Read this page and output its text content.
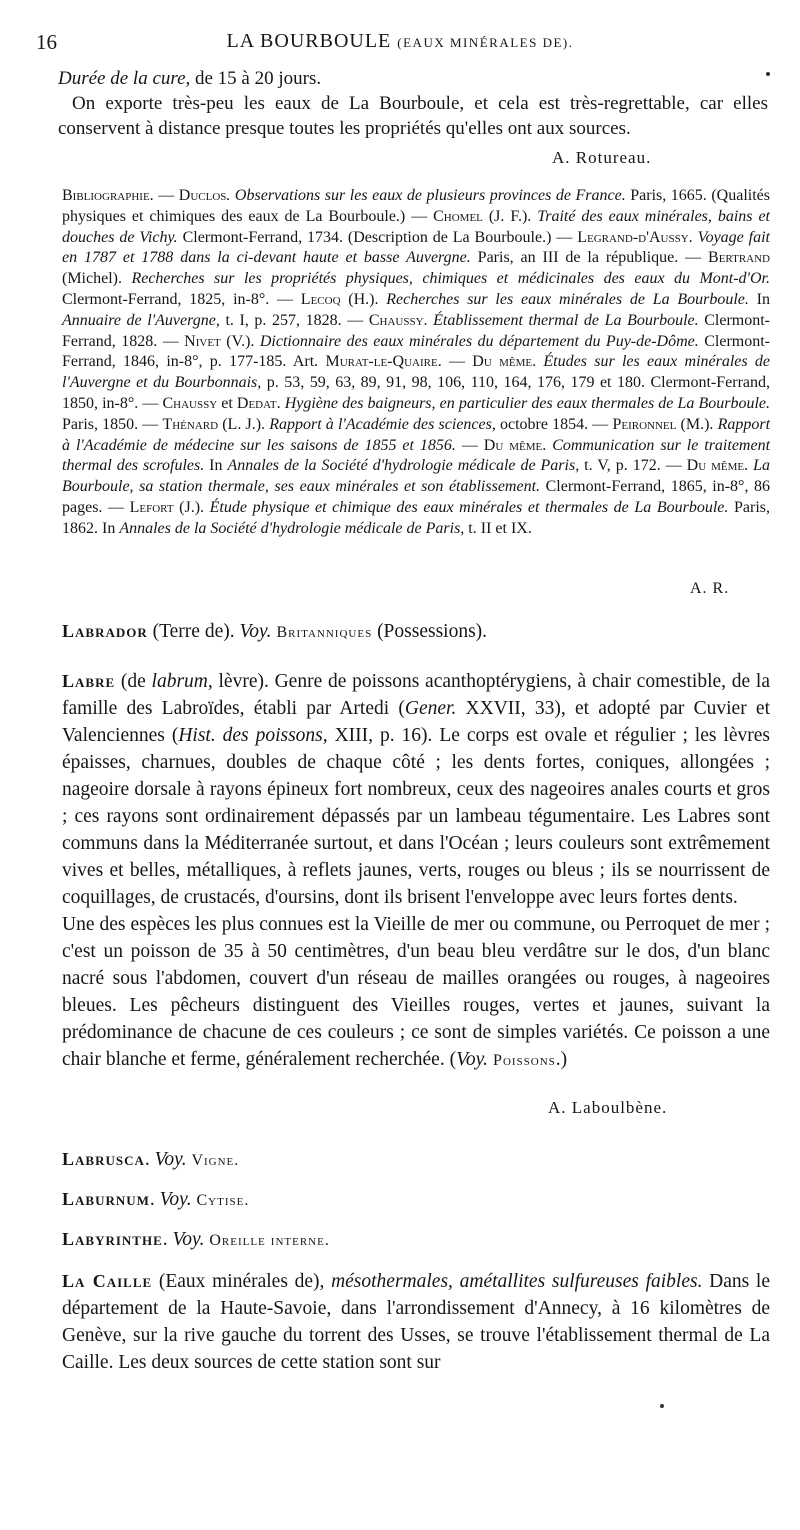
16	LA BOURBOULE (EAUX MINÉRALES DE).
Durée de la cure, de 15 à 20 jours.
On exporte très-peu les eaux de La Bourboule, et cela est très-regrettable, car elles conservent à distance presque toutes les propriétés qu'elles ont aux sources.
A. Rotureau.
Bibliographie. — Duclos. Observations sur les eaux de plusieurs provinces de France. Paris, 1665. (Qualités physiques et chimiques des eaux de La Bourboule.) — Chomel (J. F.). Traité des eaux minérales, bains et douches de Vichy. Clermont-Ferrand, 1734. (Description de La Bourboule.) — Legrand-d'Aussy. Voyage fait en 1787 et 1788 dans la ci-devant haute et basse Auvergne. Paris, an III de la république. — Bertrand (Michel). Recherches sur les propriétés physiques, chimiques et médicinales des eaux du Mont-d'Or. Clermont-Ferrand, 1825, in-8°. — Lecoq (H.). Recherches sur les eaux minérales de La Bourboule. In Annuaire de l'Auvergne, t. I, p. 257, 1828. — Chaussy. Établissement thermal de La Bourboule. Clermont-Ferrand, 1828. — Nivet (V.). Dictionnaire des eaux minérales du département du Puy-de-Dôme. Clermont-Ferrand, 1846, in-8°, p. 177-185. Art. Murat-le-Quaire. — Du même. Études sur les eaux minérales de l'Auvergne et du Bourbonnais, p. 53, 59, 63, 89, 91, 98, 106, 110, 164, 176, 179 et 180. Clermont-Ferrand, 1850, in-8°. — Chaussy et Dedat. Hygiène des baigneurs, en particulier des eaux thermales de La Bourboule. Paris, 1850. — Thénard (L. J.). Rapport à l'Académie des sciences, octobre 1854. — Peironnel (M.). Rapport à l'Académie de médecine sur les saisons de 1855 et 1856. — Du même. Communication sur le traitement thermal des scrofules. In Annales de la Société d'hydrologie médicale de Paris, t. V, p. 172. — Du même. La Bourboule, sa station thermale, ses eaux minérales et son établissement. Clermont-Ferrand, 1865, in-8°, 86 pages. — Lefort (J.). Étude physique et chimique des eaux minérales et thermales de La Bourboule. Paris, 1862. In Annales de la Société d'hydrologie médicale de Paris, t. II et IX.
A. R.
Labrador (Terre de). Voy. Britanniques (Possessions).
Labre (de labrum, lèvre). Genre de poissons acanthoptérygiens, à chair comestible, de la famille des Labroïdes, établi par Artedi (Gener. XXVII, 33), et adopté par Cuvier et Valenciennes (Hist. des poissons, XIII, p. 16). Le corps est ovale et régulier ; les lèvres épaisses, charnues, doubles de chaque côté ; les dents fortes, coniques, allongées ; nageoire dorsale à rayons épineux fort nombreux, ceux des nageoires anales courts et gros ; ces rayons sont ordinairement dépassés par un lambeau tégumentaire. Les Labres sont communs dans la Méditerranée surtout, et dans l'Océan ; leurs couleurs sont extrêmement vives et belles, métalliques, à reflets jaunes, verts, rouges ou bleus ; ils se nourrissent de coquillages, de crustacés, d'oursins, dont ils brisent l'enveloppe avec leurs fortes dents.
Une des espèces les plus connues est la Vieille de mer ou commune, ou Perroquet de mer ; c'est un poisson de 35 à 50 centimètres, d'un beau bleu verdâtre sur le dos, d'un blanc nacré sous l'abdomen, couvert d'un réseau de mailles orangées ou rouges, à nageoires bleues. Les pêcheurs distinguent des Vieilles rouges, vertes et jaunes, suivant la prédominance de chacune de ces couleurs ; ce sont de simples variétés. Ce poisson a une chair blanche et ferme, généralement recherchée. (Voy. Poissons.)
A. Laboulbène.
Labrusca. Voy. Vigne.
Laburnum. Voy. Cytise.
Labyrinthe. Voy. Oreille interne.
La Caille (Eaux minérales de), mésothermales, amétallites sulfureuses faibles. Dans le département de la Haute-Savoie, dans l'arrondissement d'Annecy, à 16 kilomètres de Genève, sur la rive gauche du torrent des Usses, se trouve l'établissement thermal de La Caille. Les deux sources de cette station sont sur
